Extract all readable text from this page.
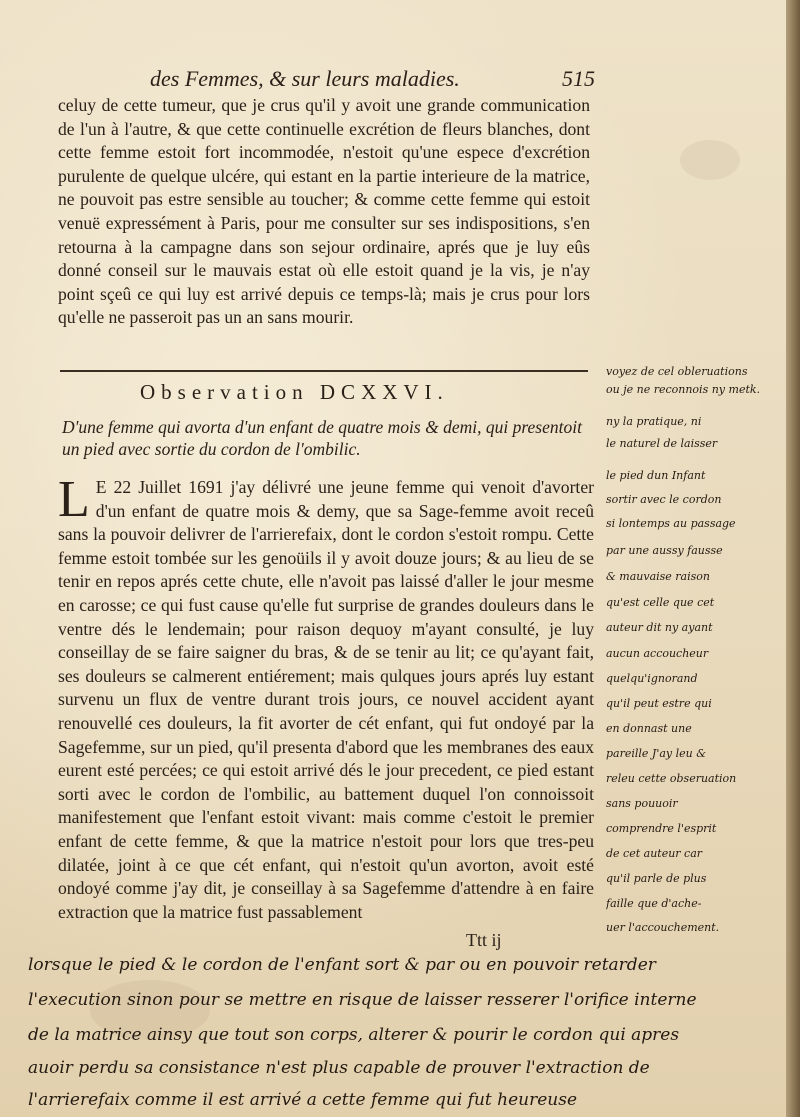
des Femmes, & sur leurs maladies.	515
celuy de cette tumeur, que je crus qu'il y avoit une grande communication de l'un à l'autre, & que cette continuelle excrétion de fleurs blanches, dont cette femme estoit fort incommodée, n'estoit qu'une espece d'excrétion purulente de quelque ulcére, qui estant en la partie interieure de la matrice, ne pouvoit pas estre sensible au toucher; & comme cette femme qui estoit venuë expressément à Paris, pour me consulter sur ses indispositions, s'en retourna à la campagne dans son sejour ordinaire, aprés que je luy eûs donné conseil sur le mauvais estat où elle estoit quand je la vis, je n'ay point sçeû ce qui luy est arrivé depuis ce temps-là; mais je crus pour lors qu'elle ne passeroit pas un an sans mourir.
Observation DCXXVI.
D'une femme qui avorta d'un enfant de quatre mois & demi, qui presentoit un pied avec sortie du cordon de l'ombilic.
L E 22 Juillet 1691 j'ay délivré une jeune femme qui venoit d'avorter d'un enfant de quatre mois & demy, que sa Sage-femme avoit receû sans la pouvoir delivrer de l'arrierefaix, dont le cordon s'estoit rompu. Cette femme estoit tombée sur les genoüils il y avoit douze jours; & au lieu de se tenir en repos aprés cette chute, elle n'avoit pas laissé d'aller le jour mesme en carosse; ce qui fust cause qu'elle fut surprise de grandes douleurs dans le ventre dés le lendemain; pour raison dequoy m'ayant consulté, je luy conseillay de se faire saigner du bras, & de se tenir au lit; ce qu'ayant fait, ses douleurs se calmerent entiérement; mais qulques jours aprés luy estant survenu un flux de ventre durant trois jours, ce nouvel accident ayant renouvellé ces douleurs, la fit avorter de cét enfant, qui fut ondoyé par la Sagefemme, sur un pied, qu'il presenta d'abord que les membranes des eaux eurent esté percées; ce qui estoit arrivé dés le jour precedent, ce pied estant sorti avec le cordon de l'ombilic, au battement duquel l'on connoissoit manifestement que l'enfant estoit vivant: mais comme c'estoit le premier enfant de cette femme, & que la matrice n'estoit pour lors que tres-peu dilatée, joint à ce que cét enfant, qui n'estoit qu'un avorton, avoit esté ondoyé comme j'ay dit, je conseillay à sa Sagefemme d'attendre à en faire extraction que la matrice fust passablement
Ttt ij
voyez de cel obleruations
ou je ne reconnois ny metk.
ny la pratique, ni
le naturel de laisser
le pied dun Infant
sortir avec le cordon
si lontemps au passage
par une aussy fausse
& mauvaise raison
qu'est celle que cet
auteur dit ny ayant
aucun accoucheur
quelqu'ignorand
qu'il peut estre qui
en donnast une
pareille J'ay leu &
releu cette obseruation
sans pouuoir
comprendre l'esprit
de cet auteur car
qu'il parle de plus
faille que d'ache-
uer l'accouchement.
lorsque le pied & le cordon de l'enfant sort & par ou en pouvoir retarder
l'execution sinon pour se mettre en risque de laisser resserer l'orifice interne
de la matrice ainsy que tout son corps, alterer & pourir le cordon qui apres
auoir perdu sa consistance n'est plus capable de prouver l'extraction de
l'arrierefaix comme il est arrivé a cette femme qui fut heureuse
